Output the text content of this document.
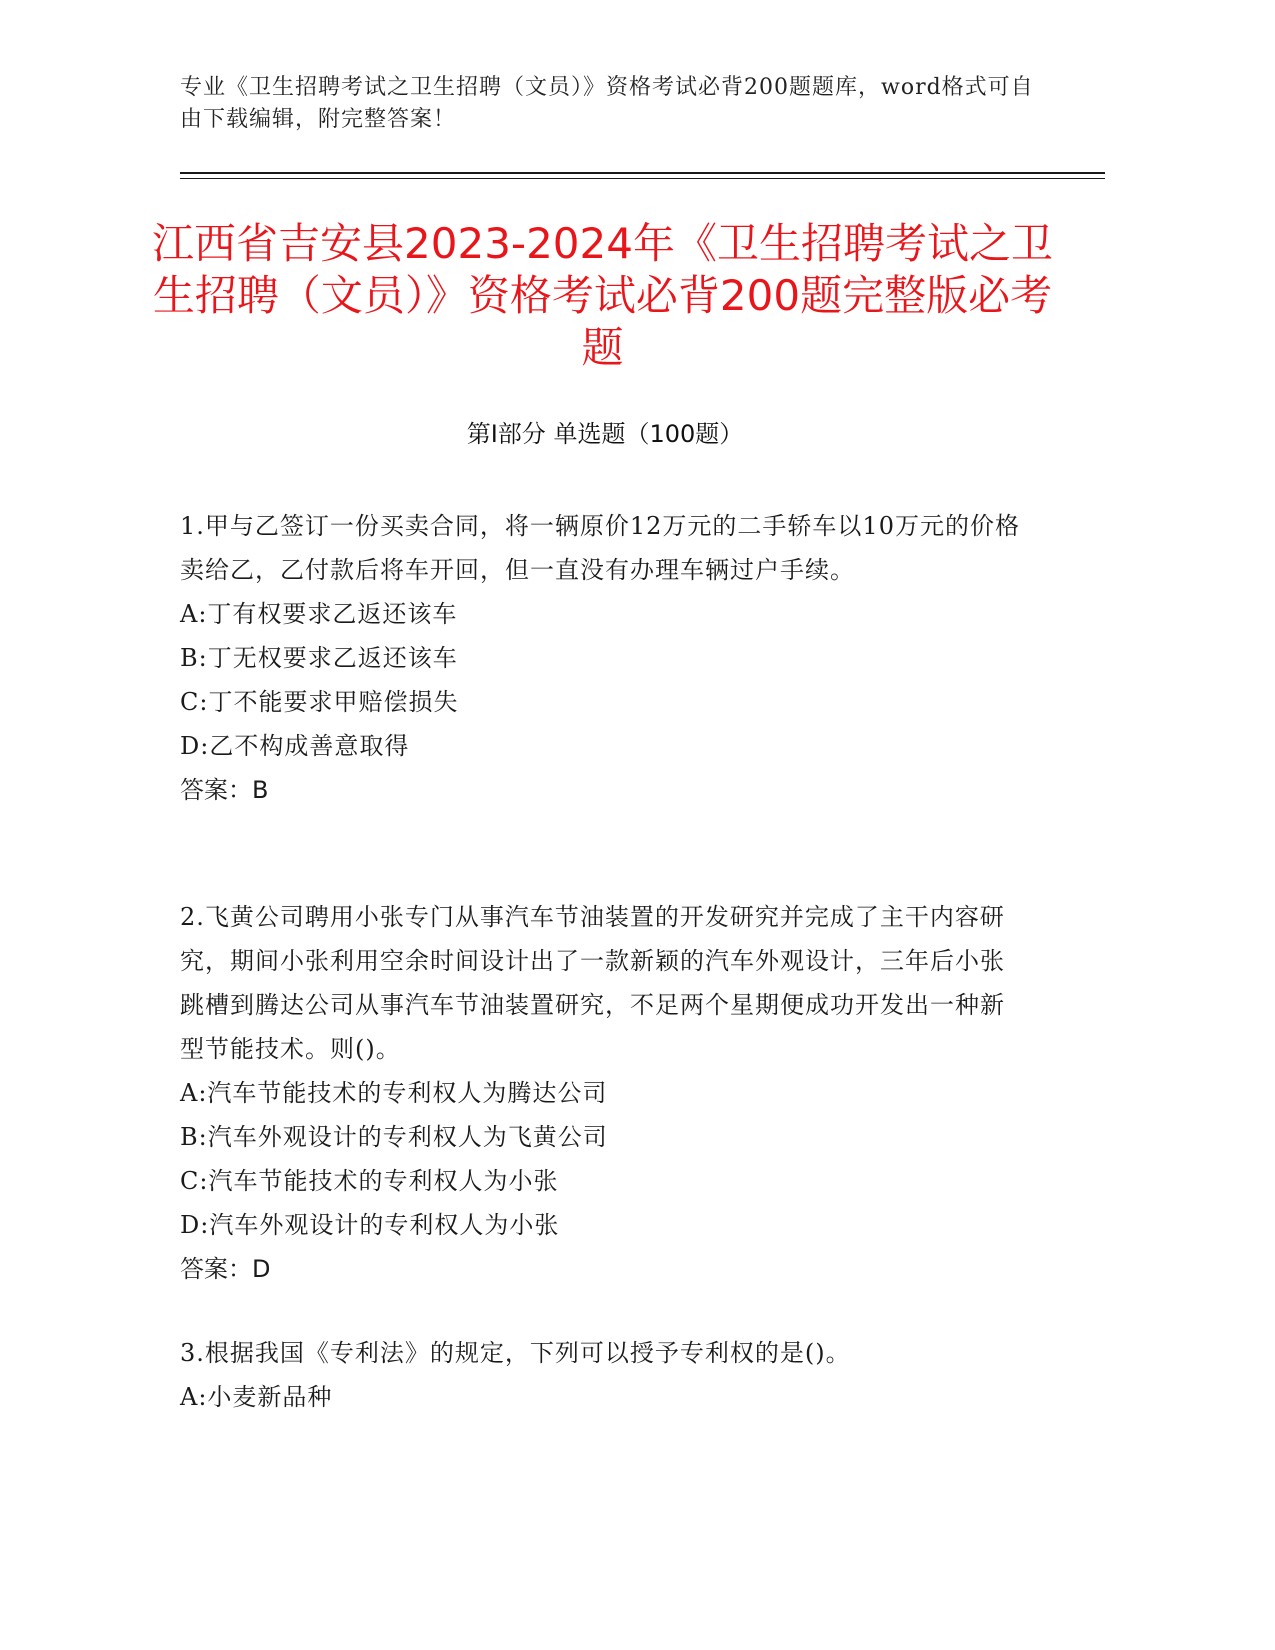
专业《卫生招聘考试之卫生招聘（文员）》资格考试必背200题题库，word格式可自由下载编辑，附完整答案！
江西省吉安县2023-2024年《卫生招聘考试之卫生招聘（文员）》资格考试必背200题完整版必考题
第Ⅰ部分 单选题（100题）

1.甲与乙签订一份买卖合同，将一辆原价12万元的二手轿车以10万元的价格卖给乙，乙付款后将车开回，但一直没有办理车辆过户手续。

A:丁有权要求乙返还该车

B:丁无权要求乙返还该车

C:丁不能要求甲赔偿损失

D:乙不构成善意取得

答案：B

2.飞黄公司聘用小张专门从事汽车节油装置的开发研究并完成了主干内容研究，期间小张利用空余时间设计出了一款新颖的汽车外观设计，三年后小张跳槽到腾达公司从事汽车节油装置研究，不足两个星期便成功开发出一种新型节能技术。则()。

A:汽车节能技术的专利权人为腾达公司

B:汽车外观设计的专利权人为飞黄公司

C:汽车节能技术的专利权人为小张

D:汽车外观设计的专利权人为小张

答案：D

3.根据我国《专利法》的规定，下列可以授予专利权的是()。

A:小麦新品种
